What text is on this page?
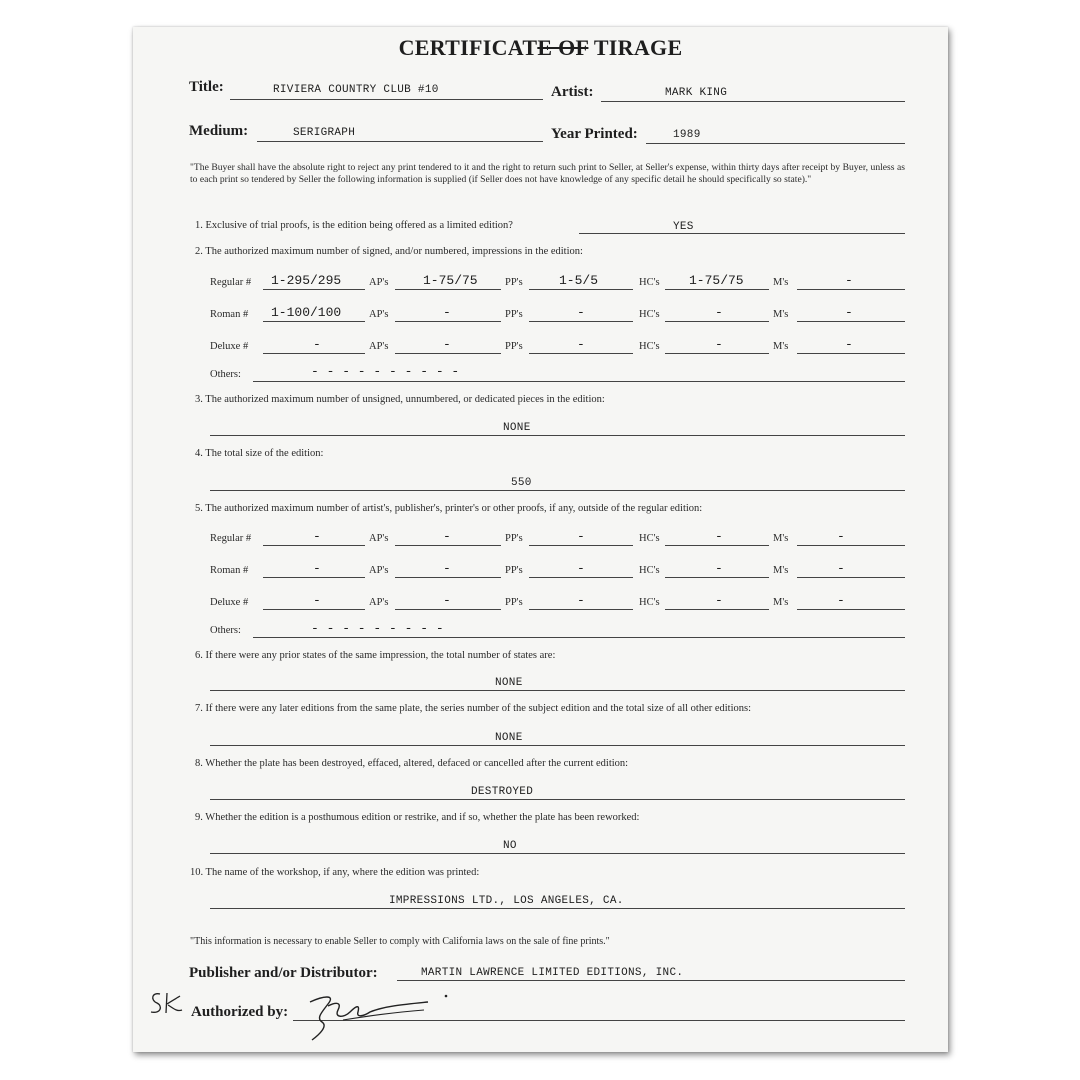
CERTIFICATE OF TIRAGE
Title:	RIVIERA COUNTRY CLUB #10	Artist:	MARK KING
Medium:	SERIGRAPH	Year Printed:	1989
"The Buyer shall have the absolute right to reject any print tendered to it and the right to return such print to Seller, at Seller's expense, within thirty days after receipt by Buyer, unless as to each print so tendered by Seller the following information is supplied (if Seller does not have knowledge of any specific detail he should specifically so state)."
1. Exclusive of trial proofs, is the edition being offered as a limited edition?	YES
2. The authorized maximum number of signed, and/or numbered, impressions in the edition:
Regular # 1-295/295	AP's	1-75/75	PP's	1-5/5	HC's 1-75/75	M's	-
Roman # 1-100/100	AP's	-	PP's	-	HC's	-	M's	-
Deluxe #	-	AP's	-	PP's	-	HC's	-	M's	-
Others:	- - - - - - - - - -
3. The authorized maximum number of unsigned, unnumbered, or dedicated pieces in the edition:
NONE
4. The total size of the edition:
550
5. The authorized maximum number of artist's, publisher's, printer's or other proofs, if any, outside of the regular edition:
Regular #	-	AP's	-	PP's	-	HC's	-	M's	-
Roman #	-	AP's	-	PP's	-	HC's	-	M's	-
Deluxe #	-	AP's	-	PP's	-	HC's	-	M's	-
Others:	- - - - - - - - -
6. If there were any prior states of the same impression, the total number of states are:
NONE
7. If there were any later editions from the same plate, the series number of the subject edition and the total size of all other editions:
NONE
8. Whether the plate has been destroyed, effaced, altered, defaced or cancelled after the current edition:
DESTROYED
9. Whether the edition is a posthumous edition or restrike, and if so, whether the plate has been reworked:
NO
10. The name of the workshop, if any, where the edition was printed:
IMPRESSIONS LTD., LOS ANGELES, CA.
"This information is necessary to enable Seller to comply with California laws on the sale of fine prints."
Publisher and/or Distributor:	MARTIN LAWRENCE LIMITED EDITIONS, INC.
Authorized by:
